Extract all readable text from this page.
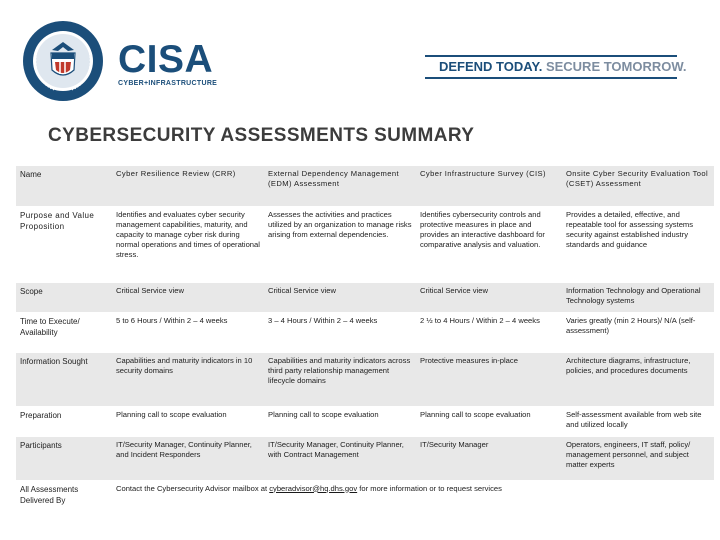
CISA
CYBER+INFRASTRUCTURE
DEFEND TODAY. SECURE TOMORROW.
CYBERSECURITY ASSESSMENTS SUMMARY
Name	Cyber Resilience Review (CRR)	External Dependency Management (EDM) Assessment	Cyber Infrastructure Survey (CIS)	Onsite Cyber Security Evaluation Tool (CSET) Assessment
Purpose and Value Proposition	Identifies and evaluates cyber security management capabilities, maturity, and capacity to manage cyber risk during normal operations and times of operational stress.	Assesses the activities and practices utilized by an organization to manage risks arising from external dependencies.	Identifies cybersecurity controls and protective measures in place and provides an interactive dashboard for comparative analysis and valuation.	Provides a detailed, effective, and repeatable tool for assessing systems security against established industry standards and guidance
Scope	Critical Service view	Critical Service view	Critical Service view	Information Technology and Operational Technology systems
Time to Execute/ Availability	5 to 6 Hours / Within 2 – 4 weeks	3 – 4 Hours / Within 2 – 4 weeks	2 ½ to 4 Hours / Within 2 – 4 weeks	Varies greatly (min 2 Hours)/ N/A (self-assessment)
Information Sought	Capabilities and maturity indicators in 10 security domains	Capabilities and maturity indicators across third party relationship management lifecycle domains	Protective measures in-place	Architecture diagrams, infrastructure, policies, and procedures documents
Preparation	Planning call to scope evaluation	Planning call to scope evaluation	Planning call to scope evaluation	Self-assessment available from web site and utilized locally
Participants	IT/Security Manager, Continuity Planner, and Incident Responders	IT/Security Manager, Continuity Planner, with Contract Management	IT/Security Manager	Operators, engineers, IT staff, policy/ management personnel, and subject matter experts
All Assessments Delivered By	Contact the Cybersecurity Advisor mailbox at cyberadvisor@hq.dhs.gov for more information or to request services			
